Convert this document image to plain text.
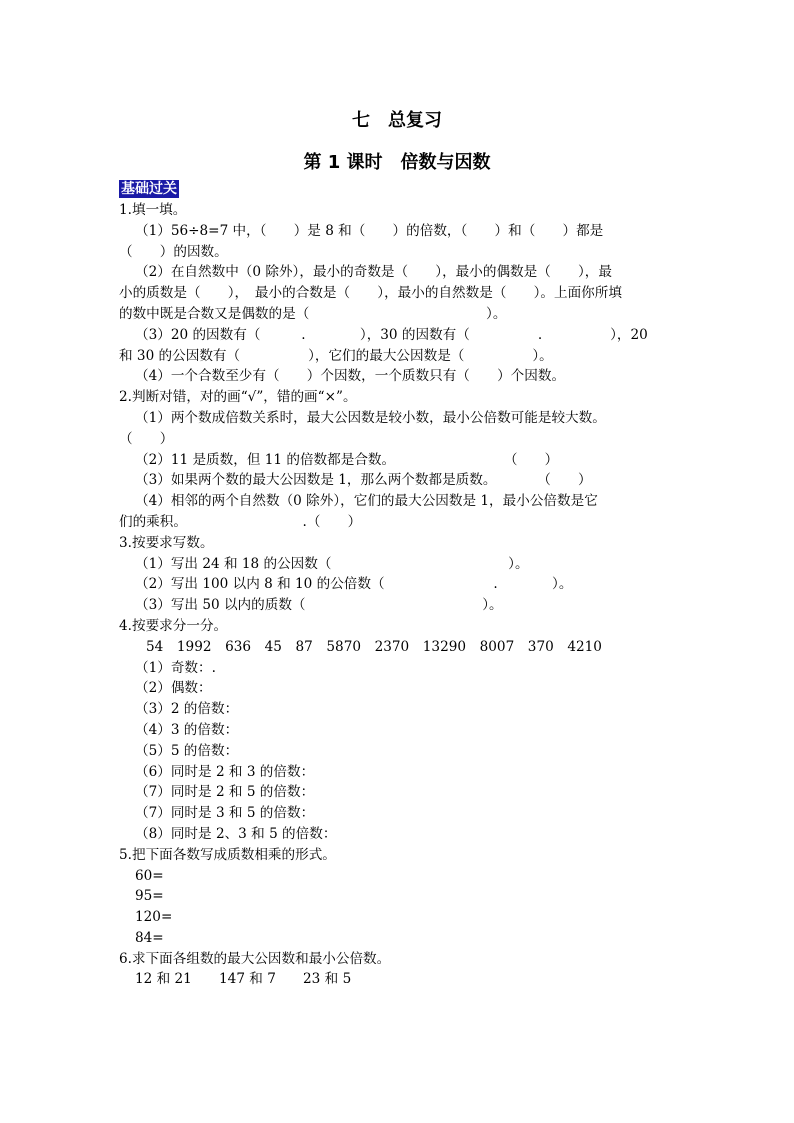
七　总复习
第 1 课时　倍数与因数
基础过关

1.填一填。

（1）56÷8=7 中，（　　）是 8 和（　　）的倍数，（　　）和（　　）都是

（　　）的因数。

（2）在自然数中（0 除外），最小的奇数是（　　），最小的偶数是（　　），最

小的质数是（　　），　最小的合数是（　　），最小的自然数是（　　）。上面你所填

的数中既是合数又是偶数的是（　　　　　　　　　　　　　）。

（3）20 的因数有（　　　.　　　　），30 的因数有（　　　　　.　　　　　），20

和 30 的公因数有（　　　　　），它们的最大公因数是（　　　　　）。

（4）一个合数至少有（　　）个因数，一个质数只有（　　）个因数。

2.判断对错，对的画“√”，错的画“×”。

（1）两个数成倍数关系时，最大公因数是较小数，最小公倍数可能是较大数。

（　　）

（2）11 是质数，但 11 的倍数都是合数。　　　　　　　　　（　　）

（3）如果两个数的最大公因数是 1，那么两个数都是质数。　　　　（　　）

（4）相邻的两个自然数（0 除外），它们的最大公因数是 1，最小公倍数是它

们的乘积。　　　　　　　　　.（　　）

3.按要求写数。

（1）写出 24 和 18 的公因数（　　　　　　　　　　　　　）。

（2）写出 100 以内 8 和 10 的公倍数（　　　　　　　　.　　　　）。

（3）写出 50 以内的质数（　　　　　　　　　　　　　）。

4.按要求分一分。

54　1992　636　45　87　5870　2370　13290　8007　370　4210

（1）奇数：.

（2）偶数：

（3）2 的倍数：

（4）3 的倍数：

（5）5 的倍数：

（6）同时是 2 和 3 的倍数：

（7）同时是 2 和 5 的倍数：

（7）同时是 3 和 5 的倍数：

（8）同时是 2、3 和 5 的倍数：

5.把下面各数写成质数相乘的形式。

60=

95=

120=

84=

6.求下面各组数的最大公因数和最小公倍数。

12 和 21　　147 和 7　　23 和 5
